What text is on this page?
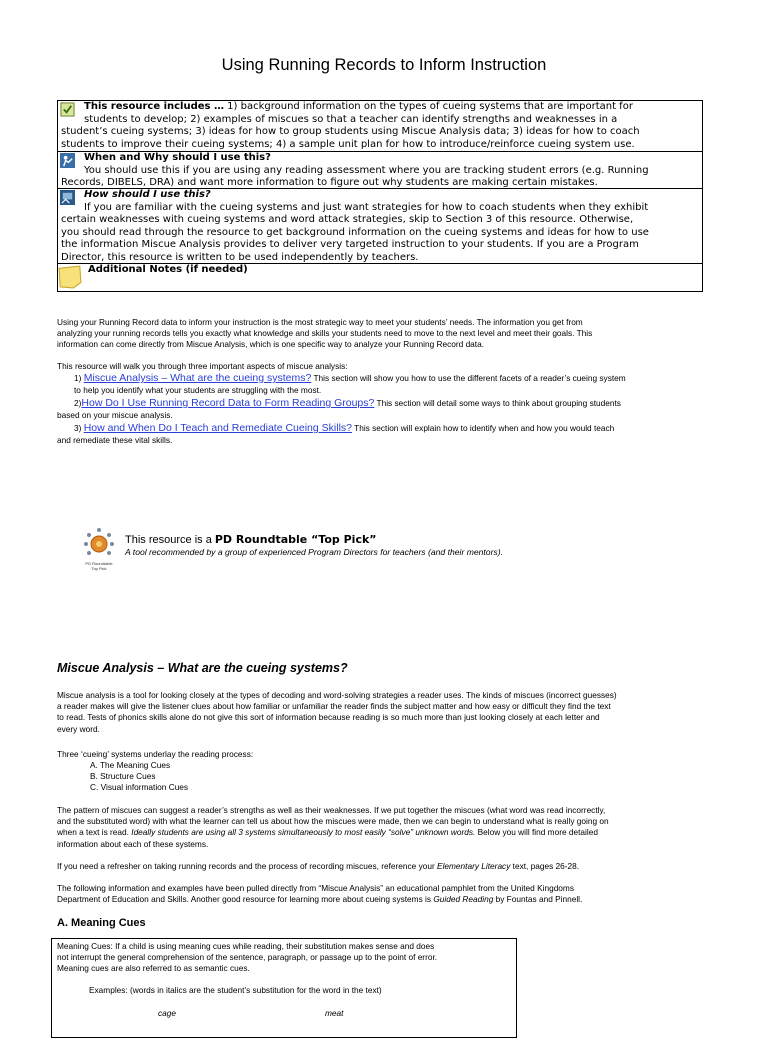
Using Running Records to Inform Instruction
This resource includes … 1) background information on the types of cueing systems that are important for
students to develop; 2) examples of miscues so that a teacher can identify strengths and weaknesses in a
student’s cueing systems; 3) ideas for how to group students using Miscue Analysis data; 3) ideas for how to coach
students to improve their cueing systems; 4) a sample unit plan for how to introduce/reinforce cueing system use.
When and Why should I use this?
You should use this if you are using any reading assessment where you are tracking student errors (e.g. Running
Records, DIBELS, DRA) and want more information to figure out why students are making certain mistakes.
How should I use this?
If you are familiar with the cueing systems and just want strategies for how to coach students when they exhibit
certain weaknesses with cueing systems and word attack strategies, skip to Section 3 of this resource. Otherwise,
you should read through the resource to get background information on the cueing systems and ideas for how to use
the information Miscue Analysis provides to deliver very targeted instruction to your students. If you are a Program
Director, this resource is written to be used independently by teachers.
Additional Notes (if needed)
Using your Running Record data to inform your instruction is the most strategic way to meet your students’ needs. The information you get from
analyzing your running records tells you exactly what knowledge and skills your students need to move to the next level and meet their goals. This
information can come directly from Miscue Analysis, which is one specific way to analyze your Running Record data.
This resource will walk you through three important aspects of miscue analysis:
1) Miscue Analysis – What are the cueing systems? This section will show you how to use the different facets of a reader’s cueing system
to help you identify what your students are struggling with the most.
2)How Do I Use Running Record Data to Form Reading Groups? This section will detail some ways to think about grouping students
based on your miscue analysis.
3) How and When Do I Teach and Remediate Cueing Skills? This section will explain how to identify when and how you would teach
and remediate these vital skills.
PD Roundtable
Top Pick
This resource is a PD Roundtable “Top Pick”
A tool recommended by a group of experienced Program Directors for teachers (and their mentors).
Miscue Analysis – What are the cueing systems?
Miscue analysis is a tool for looking closely at the types of decoding and word-solving strategies a reader uses. The kinds of miscues (incorrect guesses)
a reader makes will give the listener clues about how familiar or unfamiliar the reader finds the subject matter and how easy or difficult they find the text
to read. Tests of phonics skills alone do not give this sort of information because reading is so much more than just looking closely at each letter and
every word.
Three ‘cueing’ systems underlay the reading process:
A. The Meaning Cues
B. Structure Cues
C. Visual information Cues
The pattern of miscues can suggest a reader’s strengths as well as their weaknesses. If we put together the miscues (what word was read incorrectly,
and the substituted word) with what the learner can tell us about how the miscues were made, then we can begin to understand what is really going on
when a text is read. Ideally students are using all 3 systems simultaneously to most easily “solve” unknown words. Below you will find more detailed
information about each of these systems.
If you need a refresher on taking running records and the process of recording miscues, reference your Elementary Literacy text, pages 26-28.
The following information and examples have been pulled directly from “Miscue Analysis” an educational pamphlet from the United Kingdoms
Department of Education and Skills. Another good resource for learning more about cueing systems is Guided Reading by Fountas and Pinnell.
A. Meaning Cues
Meaning Cues: If a child is using meaning cues while reading, their substitution makes sense and does
not interrupt the general comprehension of the sentence, paragraph, or passage up to the point of error.
Meaning cues are also referred to as semantic cues.
Examples: (words in italics are the student’s substitution for the word in the text)
cage	meat
